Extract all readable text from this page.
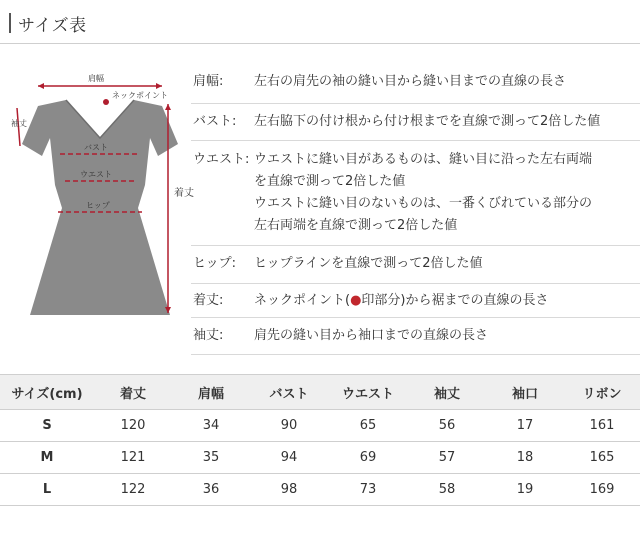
サイズ表
肩幅
ネックポイント
袖丈
バスト
ウエスト
ヒップ
着丈
肩幅: 左右の肩先の袖の縫い目から縫い目までの直線の長さ
バスト: 左右脇下の付け根から付け根までを直線で測って2倍した値
ウエスト: ウエストに縫い目があるものは、縫い目に沿った左右両端
を直線で測って2倍した値
ウエストに縫い目のないものは、一番くびれている部分の
左右両端を直線で測って2倍した値
ヒップ: ヒップラインを直線で測って2倍した値
着丈: ネックポイント(●印部分)から裾までの直線の長さ
袖丈: 肩先の縫い目から袖口までの直線の長さ
サイズ(cm)	着丈	肩幅	バスト	ウエスト	袖丈	袖口	リボン
S	120	34	90	65	56	17	161
M	121	35	94	69	57	18	165
L	122	36	98	73	58	19	169
